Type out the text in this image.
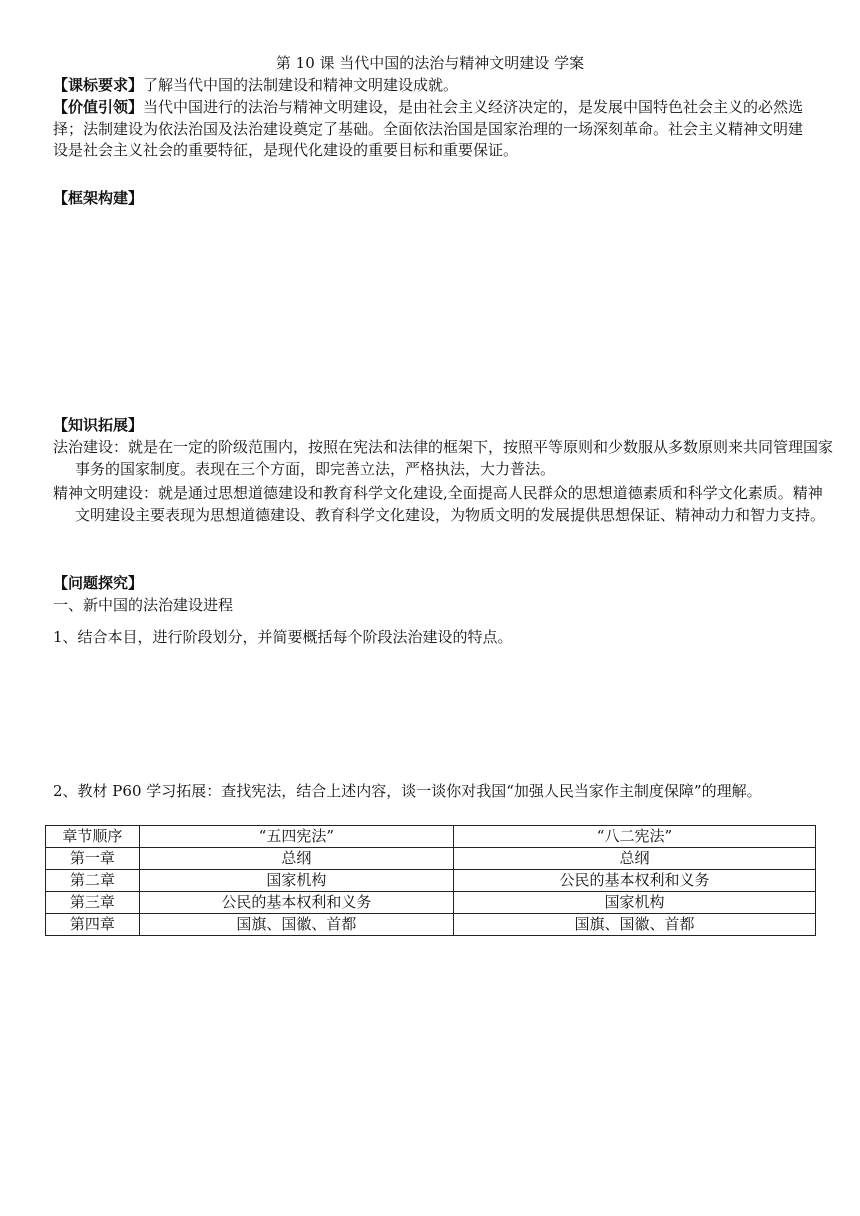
第 10 课 当代中国的法治与精神文明建设 学案
【课标要求】了解当代中国的法制建设和精神文明建设成就。
【价值引领】当代中国进行的法治与精神文明建设，是由社会主义经济决定的，是发展中国特色社会主义的必然选择；法制建设为依法治国及法治建设奠定了基础。全面依法治国是国家治理的一场深刻革命。社会主义精神文明建设是社会主义社会的重要特征，是现代化建设的重要目标和重要保证。
【框架构建】
【知识拓展】
法治建设：就是在一定的阶级范围内，按照在宪法和法律的框架下，按照平等原则和少数服从多数原则来共同管理国家事务的国家制度。表现在三个方面，即完善立法，严格执法，大力普法。
精神文明建设：就是通过思想道德建设和教育科学文化建设,全面提高人民群众的思想道德素质和科学文化素质。精神文明建设主要表现为思想道德建设、教育科学文化建设，为物质文明的发展提供思想保证、精神动力和智力支持。
【问题探究】
一、新中国的法治建设进程
1、结合本目，进行阶段划分，并简要概括每个阶段法治建设的特点。
2、教材 P60 学习拓展：查找宪法，结合上述内容，谈一谈你对我国“加强人民当家作主制度保障”的理解。
章节顺序	“五四宪法”	“八二宪法”
第一章	总纲	总纲
第二章	国家机构	公民的基本权利和义务
第三章	公民的基本权利和义务	国家机构
第四章	国旗、国徽、首都	国旗、国徽、首都
